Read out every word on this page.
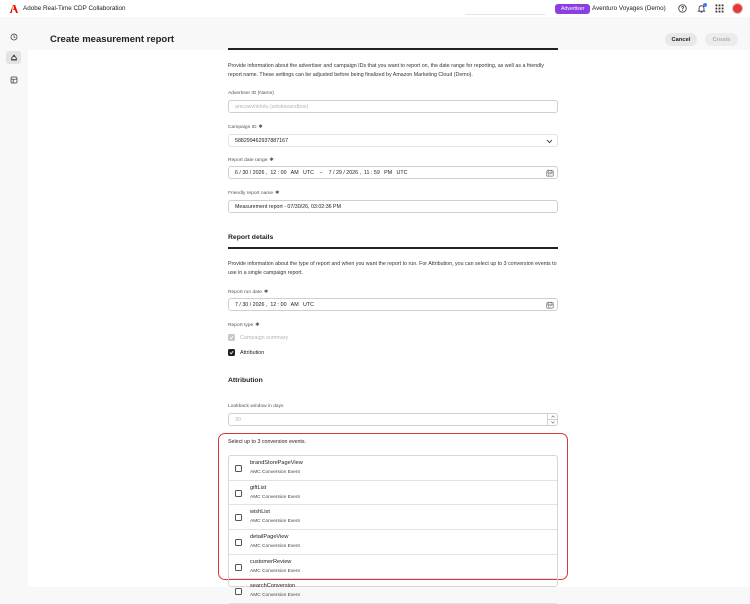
Adobe Real-Time CDP Collaboration	Advertiser	Aventuro Voyages (Demo)
Create measurement report	Cancel	Create
Provide information about the advertiser and campaign IDs that you want to report on, the date range for reporting, as well as a friendly report name. These settings can be adjusted before being finalized by Amazon Marketing Cloud (Demo).
Advertiser ID (Name)
amcswvhkhdu (adobesandbox)
Campaign ID ✱
588299462937887167
Report date range ✱
6 / 30 / 2026 ,  12 : 00   AM   UTC    –    7 / 29 / 2026 ,  11 : 59   PM   UTC
Friendly report name ✱
Measurement report - 07/30/26, 03:02:36 PM
Report details
Provide information about the type of report and when you want the report to run. For Attribution, you can select up to 3 conversion events to use in a single campaign report.
Report run date ✱
7 / 30 / 2026 ,  12 : 00   AM   UTC
Report type ✱
Campaign summary
Attribution
Attribution
Lookback window in days
30
Select up to 3 conversion events.
brandStorePageView
AMC Conversion Event
giftList
AMC Conversion Event
wishList
AMC Conversion Event
detailPageView
AMC Conversion Event
customerReview
AMC Conversion Event
searchConversion
AMC Conversion Event
